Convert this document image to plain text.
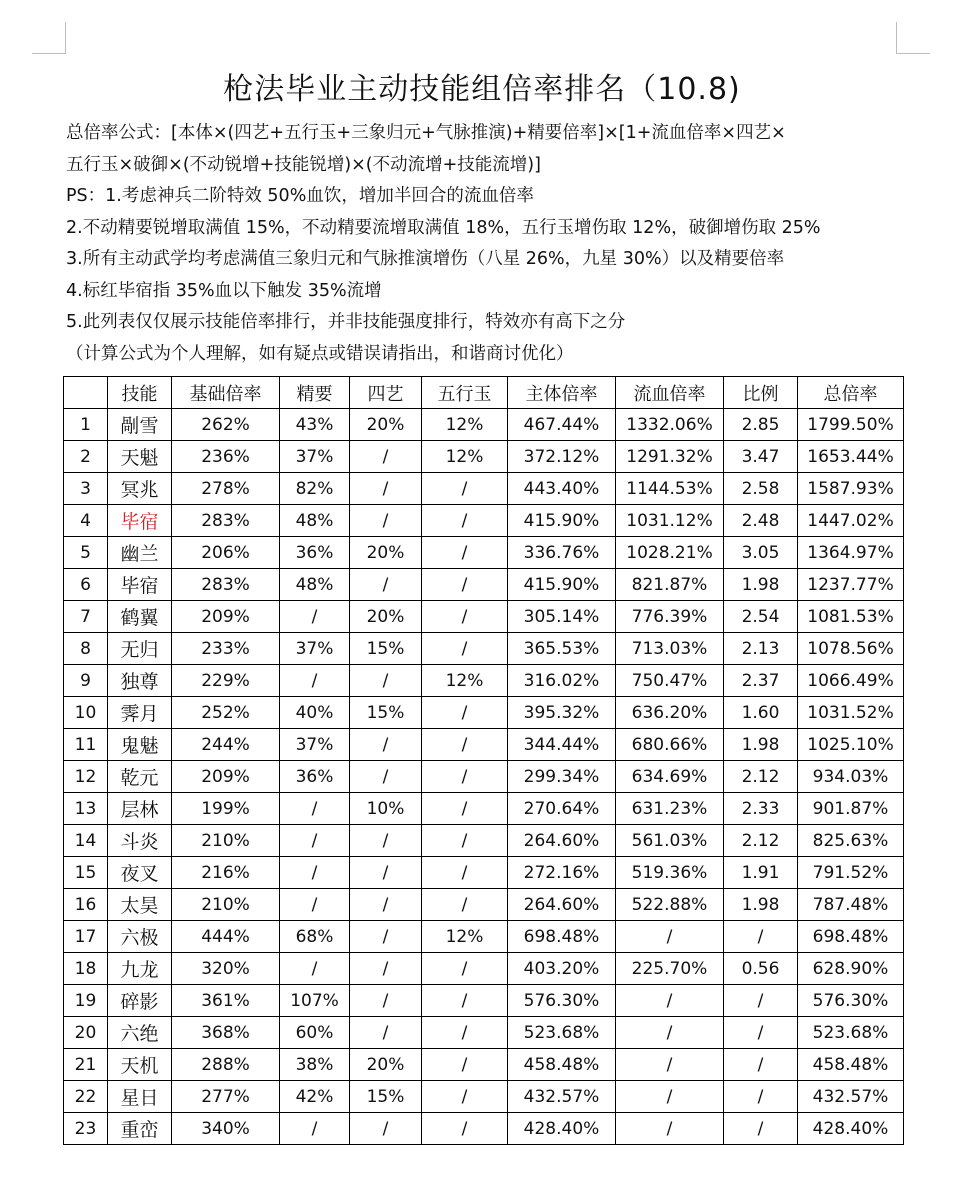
枪法毕业主动技能组倍率排名（10.8)
总倍率公式：[本体×(四艺+五行玉+三象归元+气脉推演)+精要倍率]×[1+流血倍率×四艺×
五行玉×破御×(不动锐增+技能锐增)×(不动流增+技能流增)]
PS：1.考虑神兵二阶特效 50%血饮，增加半回合的流血倍率
2.不动精要锐增取满值 15%，不动精要流增取满值 18%，五行玉增伤取 12%，破御增伤取 25%
3.所有主动武学均考虑满值三象归元和气脉推演增伤（八星 26%，九星 30%）以及精要倍率
4.标红毕宿指 35%血以下触发 35%流增
5.此列表仅仅展示技能倍率排行，并非技能强度排行，特效亦有高下之分
（计算公式为个人理解，如有疑点或错误请指出，和谐商讨优化）
	技能	基础倍率	精要	四艺	五行玉	主体倍率	流血倍率	比例	总倍率
1	剮雪	262%	43%	20%	12%	467.44%	1332.06%	2.85	1799.50%
2	天魁	236%	37%	/	12%	372.12%	1291.32%	3.47	1653.44%
3	冥兆	278%	82%	/	/	443.40%	1144.53%	2.58	1587.93%
4	毕宿	283%	48%	/	/	415.90%	1031.12%	2.48	1447.02%
5	幽兰	206%	36%	20%	/	336.76%	1028.21%	3.05	1364.97%
6	毕宿	283%	48%	/	/	415.90%	821.87%	1.98	1237.77%
7	鹤翼	209%	/	20%	/	305.14%	776.39%	2.54	1081.53%
8	无归	233%	37%	15%	/	365.53%	713.03%	2.13	1078.56%
9	独尊	229%	/	/	12%	316.02%	750.47%	2.37	1066.49%
10	霁月	252%	40%	15%	/	395.32%	636.20%	1.60	1031.52%
11	鬼魅	244%	37%	/	/	344.44%	680.66%	1.98	1025.10%
12	乾元	209%	36%	/	/	299.34%	634.69%	2.12	934.03%
13	层林	199%	/	10%	/	270.64%	631.23%	2.33	901.87%
14	斗炎	210%	/	/	/	264.60%	561.03%	2.12	825.63%
15	夜叉	216%	/	/	/	272.16%	519.36%	1.91	791.52%
16	太昊	210%	/	/	/	264.60%	522.88%	1.98	787.48%
17	六极	444%	68%	/	12%	698.48%	/	/	698.48%
18	九龙	320%	/	/	/	403.20%	225.70%	0.56	628.90%
19	碎影	361%	107%	/	/	576.30%	/	/	576.30%
20	六绝	368%	60%	/	/	523.68%	/	/	523.68%
21	天机	288%	38%	20%	/	458.48%	/	/	458.48%
22	星日	277%	42%	15%	/	432.57%	/	/	432.57%
23	重峦	340%	/	/	/	428.40%	/	/	428.40%
